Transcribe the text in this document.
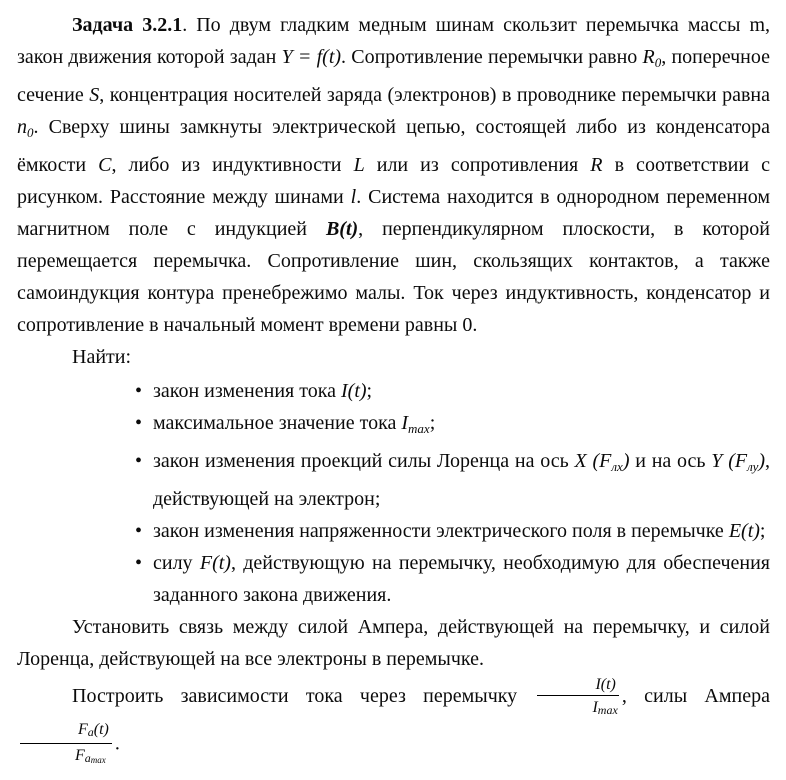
Задача 3.2.1. По двум гладким медным шинам скользит перемычка массы m, закон движения которой задан Y = f(t). Сопротивление перемычки равно $R_0$, поперечное сечение S, концентрация носителей заряда (электронов) в проводнике перемычки равна $n_0$. Сверху шины замкнуты электрической цепью, состоящей либо из конденсатора ёмкости C, либо из индуктивности L или из сопротивления R в соответствии с рисунком. Расстояние между шинами l. Система находится в однородном переменном магнитном поле с индукцией B(t), перпендикулярном плоскости, в которой перемещается перемычка. Сопротивление шин, скользящих контактов, а также самоиндукция контура пренебрежимо малы. Ток через индуктивность, конденсатор и сопротивление в начальный момент времени равны 0.

Найти:

• закон изменения тока I(t);
• максимальное значение тока $I_{max}$;
• закон изменения проекций силы Лоренца на ось X $(F_{лх})$ и на ось Y $(F_{лу})$, действующей на электрон;
• закон изменения напряженности электрического поля в перемычке E(t);
• силу F(t), действующую на перемычку, необходимую для обеспечения заданного закона движения.

Установить связь между силой Ампера, действующей на перемычку, и силой Лоренца, действующей на все электроны в перемычке.

Построить зависимости тока через перемычку $\frac{I(t)}{Imax}$ , силы Ампера
$\frac{Fa(t)}{Famax}$ .
